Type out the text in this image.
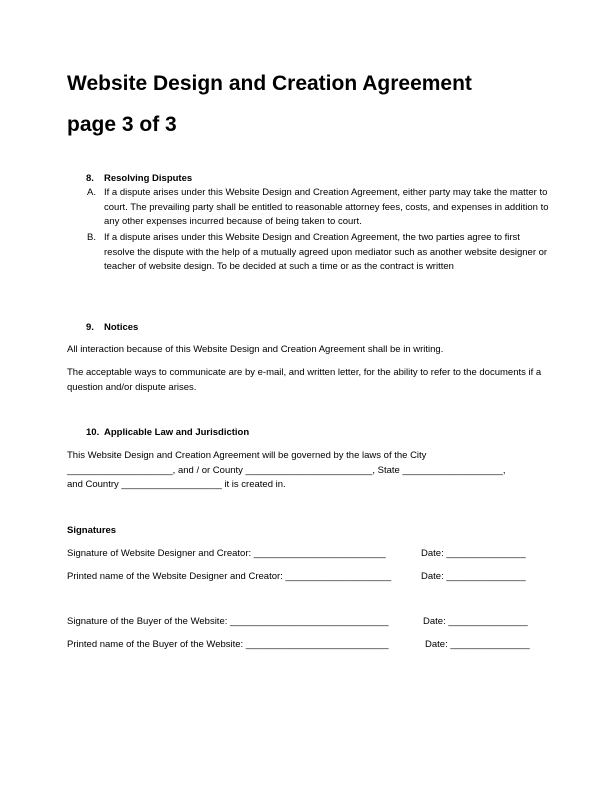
Website Design and Creation Agreement
page 3 of 3
8. Resolving Disputes
A. If a dispute arises under this Website Design and Creation Agreement, either party may take the matter to court. The prevailing party shall be entitled to reasonable attorney fees, costs, and expenses in addition to any other expenses incurred because of being taken to court.
B. If a dispute arises under this Website Design and Creation Agreement, the two parties agree to first resolve the dispute with the help of a mutually agreed upon mediator such as another website designer or teacher of website design. To be decided at such a time or as the contract is written
9. Notices
All interaction because of this Website Design and Creation Agreement shall be in writing.
The acceptable ways to communicate are by e-mail, and written letter, for the ability to refer to the documents if a question and/or dispute arises.
10. Applicable Law and Jurisdiction
This Website Design and Creation Agreement will be governed by the laws of the City
____________________, and / or County ________________________, State ___________________,
and Country ___________________ it is created in.
Signatures
Signature of Website Designer and Creator: _________________________	Date: _______________
Printed name of the Website Designer and Creator: ____________________	Date: _______________
Signature of the Buyer of the Website: ______________________________	Date: _______________
Printed name of the Buyer of the Website: ___________________________	Date: _______________
